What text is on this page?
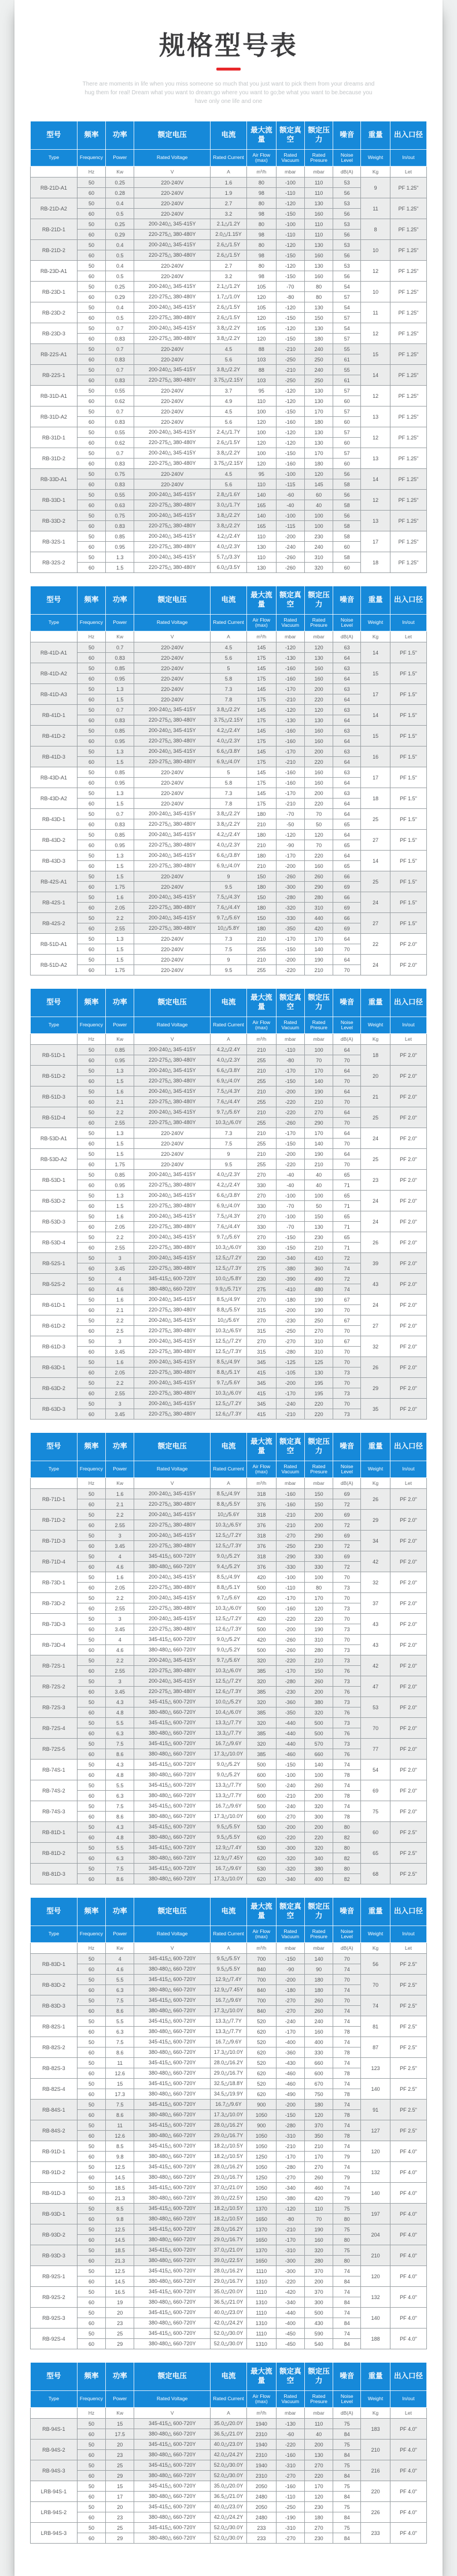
规格型号表

There are moments in life when you miss someone so much that you just want to pick them from your dreams and hug them for real! Dream what you want to dream;go where you want to go;be what you want to be.because you have only one life and one

型号	频率	功率	额定电压	电流	最大流量	额定真空	额定压力	噪音	重量	出入口径
Type	Frequency	Power	Rated Voltage	Rated Current	Air Flow (max)	Rated Vacuum	Rated Presure	Noise Level	Weight	In/out
	Hz	Kw	V	A	m³/h	mbar	mbar	dB(A)	Kg	Let
RB-21D-A1	50	0.25	220-240V	1.6	80	-100	110	53	9	PF 1.25"
	60	0.28	220-240V	1.9	98	-110	110	56		
RB-21D-A2	50	0.4	220-240V	2.7	80	-120	130	53	11	PF 1.25"
	60	0.5	220-240V	3.2	98	-150	160	56		
RB-21D-1	50	0.25	200-240△ 345-415Y	2.1△/1.2Y	80	-100	110	53	8	PF 1.25"
	60	0.29	220-275△ 380-480Y	2.0△/1.15Y	98	-110	110	56		
RB-21D-2	50	0.4	200-240△ 345-415Y	2.6△/1.5Y	80	-120	130	53	10	PF 1.25"
	60	0.5	220-275△ 380-480Y	2.6△/1.5Y	98	-150	160	56		
RB-23D-A1	50	0.4	220-240V	2.7	80	-120	130	53	12	PF 1.25"
	60	0.5	220-240V	3.2	98	-150	160	56		
RB-23D-1	50	0.25	200-240△ 345-415Y	2.1△/1.2Y	105	-70	80	54	10	PF 1.25"
	60	0.29	220-275△ 380-480Y	1.7△/1.0Y	120	-80	80	57		
RB-23D-2	50	0.4	200-240△ 345-415Y	2.6△/1.5Y	105	-120	130	54	11	PF 1.25"
	60	0.5	220-275△ 380-480Y	2.6△/1.5Y	120	-150	150	57		
RB-23D-3	50	0.7	200-240△ 345-415Y	3.8△/2.2Y	105	-120	130	54	12	PF 1.25"
	60	0.83	220-275△ 380-480Y	3.8△/2.2Y	120	-150	180	57		
RB-22S-A1	50	0.7	220-240V	4.5	88	-210	240	55	15	PF 1.25"
	60	0.83	220-240V	5.6	103	-250	250	61		
RB-22S-1	50	0.7	200-240△ 345-415Y	3.8△/2.2Y	88	-210	240	55	14	PF 1.25"
	60	0.83	220-275△ 380-480Y	3.75△/2.15Y	103	-250	250	61		
RB-31D-A1	50	0.55	220-240V	3.7	95	-120	130	57	12	PF 1.25"
	60	0.62	220-240V	4.9	110	-120	130	60		
RB-31D-A2	50	0.7	220-240V	4.5	100	-150	170	57	13	PF 1.25"
	60	0.83	220-240V	5.6	120	-160	180	60		
RB-31D-1	50	0.55	200-240△ 345-415Y	2.4△/1.7Y	100	-120	130	57	12	PF 1.25"
	60	0.62	220-275△ 380-480Y	2.6△/1.5Y	120	-120	130	60		
RB-31D-2	50	0.7	200-240△ 345-415Y	3.8△/2.2Y	100	-150	170	57	13	PF 1.25"
	60	0.83	220-275△ 380-480Y	3.75△/2.15Y	120	-160	180	60		
RB-33D-A1	50	0.75	220-240V	4.5	95	-100	120	56	14	PF 1.25"
	60	0.83	220-240V	5.6	110	-115	145	58		
RB-33D-1	50	0.55	200-240△ 345-415Y	2.8△/1.6Y	140	-60	60	56	12	PF 1.25"
	60	0.63	220-275△ 380-480Y	3.0△/1.7Y	165	-40	40	58		
RB-33D-2	50	0.75	200-240△ 345-415Y	3.8△/2.2Y	140	-100	100	56	13	PF 1.25"
	60	0.83	220-275△ 380-480Y	3.8△/2.2Y	165	-115	100	58		
RB-32S-1	50	0.85	200-240△ 345-415Y	4.2△/2.4Y	110	-200	230	58	17	PF 1.25"
	60	0.95	220-275△ 380-480Y	4.0△/2.3Y	130	-240	240	60		
RB-32S-2	50	1.3	200-240△ 345-415Y	5.7△/3.3Y	110	-260	310	58	18	PF 1.25"
	60	1.5	220-275△ 380-480Y	6.0△/3.5Y	130	-260	320	60		
型号	频率	功率	额定电压	电流	最大流量	额定真空	额定压力	噪音	重量	出入口径
Type	Frequency	Power	Rated Voltage	Rated Current	Air Flow (max)	Rated Vacuum	Rated Presure	Noise Level	Weight	In/out
	Hz	Kw	V	A	m³/h	mbar	mbar	dB(A)	Kg	Let
RB-41D-A1	50	0.7	220-240V	4.5	145	-120	120	63	14	PF 1.5"
	60	0.83	220-240V	5.6	175	-130	130	64		
RB-41D-A2	50	0.85	220-240V	5	145	-160	160	63	15	PF 1.5"
	60	0.95	220-240V	5.8	175	-160	160	64		
RB-41D-A3	50	1.3	220-240V	7.3	145	-170	200	63	17	PF 1.5"
	60	1.5	220-240V	7.8	175	-210	220	64		
RB-41D-1	50	0.7	200-240△ 345-415Y	3.8△/2.2Y	145	-120	120	63	14	PF 1.5"
	60	0.83	220-275△ 380-480Y	3.75△/2.15Y	175	-130	130	64		
RB-41D-2	50	0.85	200-240△ 345-415Y	4.2△/2.4Y	145	-160	160	63	15	PF 1.5"
	60	0.95	220-275△ 380-480Y	4.0△/2.3Y	175	-160	160	64		
RB-41D-3	50	1.3	200-240△ 345-415Y	6.6△/3.8Y	145	-170	200	63	16	PF 1.5"
	60	1.5	220-275△ 380-480Y	6.9△/4.0Y	175	-210	220	64		
RB-43D-A1	50	0.85	220-240V	5	145	-160	160	63	17	PF 1.5"
	60	0.95	220-240V	5.8	175	-160	160	64		
RB-43D-A2	50	1.3	220-240V	7.3	145	-170	200	63	18	PF 1.5"
	60	1.5	220-240V	7.8	175	-210	220	64		
RB-43D-1	50	0.7	200-240△ 345-415Y	3.8△/2.2Y	180	-70	70	64	25	PF 1.5"
	60	0.83	220-275△ 380-480Y	3.8△/2.2Y	210	-50	50	65		
RB-43D-2	50	0.85	200-240△ 345-415Y	4.2△/2.4Y	180	-120	120	64	27	PF 1.5"
	60	0.95	220-275△ 380-480Y	4.0△/2.3Y	210	-90	70	65		
RB-43D-3	50	1.3	200-240△ 345-415Y	6.6△/3.8Y	180	-170	220	64	14	PF 1.5"
	60	1.5	220-275△ 380-480Y	6.9△/4.0Y	210	-200	160	65		
RB-42S-A1	50	1.5	220-240V	9	150	-260	260	66	25	PF 1.5"
	60	1.75	220-240V	9.5	180	-300	290	69		
RB-42S-1	50	1.6	200-240△ 345-415Y	7.5△/4.3Y	150	-280	280	66	24	PF 1.5"
	60	2.05	220-275△ 380-480Y	7.6△/4.4Y	180	-320	310	69		
RB-42S-2	50	2.2	200-240△ 345-415Y	9.7△/5.6Y	150	-330	440	66	27	PF 1.5"
	60	2.55	220-275△ 380-480Y	10△/5.8Y	180	-350	420	69		
RB-51D-A1	50	1.3	220-240V	7.3	210	-170	170	64	22	PF 2.0"
	60	1.5	220-240V	7.5	255	-150	140	70		
RB-51D-A2	50	1.5	220-240V	9	210	-200	190	64	24	PF 2.0"
	60	1.75	220-240V	9.5	255	-220	210	70		
型号	频率	功率	额定电压	电流	最大流量	额定真空	额定压力	噪音	重量	出入口径
Type	Frequency	Power	Rated Voltage	Rated Current	Air Flow (max)	Rated Vacuum	Rated Presure	Noise Level	Weight	In/out
	Hz	Kw	V	A	m³/h	mbar	mbar	dB(A)	Kg	Let
RB-51D-1	50	0.85	200-240△ 345-415Y	4.2△/2.4Y	210	-110	100	64	18	PF 2.0"
	60	0.95	220-275△ 380-480Y	4.0△/2.3Y	255	-80	70	70		
RB-51D-2	50	1.3	200-240△ 345-415Y	6.6△/3.8Y	210	-170	170	64	20	PF 2.0"
	60	1.5	220-275△ 380-480Y	6.9△/4.0Y	255	-150	140	70		
RB-51D-3	50	1.6	200-240△ 345-415Y	7.5△/4.3Y	210	-200	190	64	21	PF 2.0"
	60	2.1	220-275△ 380-480Y	7.6△/4.4Y	255	-220	210	70		
RB-51D-4	50	2.2	200-240△ 345-415Y	9.7△/5.6Y	210	-220	270	64	25	PF 2.0"
	60	2.55	220-275△ 380-480Y	10.3△/6.0Y	255	-260	290	70		
RB-53D-A1	50	1.3	220-240V	7.3	210	-170	170	64	24	PF 2.0"
	60	1.5	220-240V	7.5	255	-150	140	70		
RB-53D-A2	50	1.5	220-240V	9	210	-200	190	64	25	PF 2.0"
	60	1.75	220-240V	9.5	255	-220	210	70		
RB-53D-1	50	0.85	200-240△ 345-415Y	4.0△/2.3Y	270	-40	40	65	23	PF 2.0"
	60	0.95	220-275△ 380-480Y	4.2△/2.4Y	330	-40	40	71		
RB-53D-2	50	1.3	200-240△ 345-415Y	6.6△/3.8Y	270	-100	100	65	24	PF 2.0"
	60	1.5	220-275△ 380-480Y	6.9△/4.0Y	330	-70	50	71		
RB-53D-3	50	1.6	200-240△ 345-415Y	7.5△/4.3Y	270	-100	150	65	24	PF 2.0"
	60	2.05	220-275△ 380-480Y	7.6△/4.4Y	330	-70	130	71		
RB-53D-4	50	2.2	200-240△ 345-415Y	9.7△/5.6Y	270	-150	230	65	26	PF 2.0"
	60	2.55	220-275△ 380-480Y	10.3△/6.0Y	330	-150	210	71		
RB-52S-1	50	3	200-240△ 345-415Y	12.5△/7.2Y	230	-340	410	72	39	PF 2.0"
	60	3.45	220-275△ 380-480Y	12.5△/7.3Y	275	-380	360	74		
RB-52S-2	50	4	345-415△ 600-720Y	10.0△/5.8Y	230	-390	490	72	43	PF 2.0"
	60	4.6	380-480△ 660-720Y	9.9△/5.71Y	275	-410	480	74		
RB-61D-1	50	1.6	200-240△ 345-415Y	8.5△/4.9Y	270	-180	190	67	24	PF 2.0"
	60	2.1	220-275△ 380-480Y	8.8△/5.5Y	315	-200	190	70		
RB-61D-2	50	2.2	200-240△ 345-415Y	10△/5.6Y	270	-230	250	67	27	PF 2.0"
	60	2.5	220-275△ 380-480Y	10.3△/6.5Y	315	-250	270	70		
RB-61D-3	50	3	200-240△ 345-415Y	12.5△/7.2Y	270	-270	310	67	32	PF 2.0"
	60	3.45	220-275△ 380-480Y	12.5△/7.3Y	315	-280	310	70		
RB-63D-1	50	1.6	200-240△ 345-415Y	8.5△/4.9Y	345	-125	125	70	26	PF 2.0"
	60	2.05	220-275△ 380-480Y	8.8△/5.1Y	415	-105	130	73		
RB-63D-2	50	2.2	200-240△ 345-415Y	9.7△/5.6Y	345	-200	195	70	29	PF 2.0"
	60	2.55	220-275△ 380-480Y	10.3△/6.0Y	415	-170	195	73		
RB-63D-3	50	3	200-240△ 345-415Y	12.5△/7.2Y	345	-240	220	70	35	PF 2.0"
	60	3.45	220-275△ 380-480Y	12.6△/7.3Y	415	-210	220	73		
型号	频率	功率	额定电压	电流	最大流量	额定真空	额定压力	噪音	重量	出入口径
Type	Frequency	Power	Rated Voltage	Rated Current	Air Flow (max)	Rated Vacuum	Rated Presure	Noise Level	Weight	In/out
	Hz	Kw	V	A	m³/h	mbar	mbar	dB(A)	Kg	Let
RB-71D-1	50	1.6	200-240△ 345-415Y	8.5△/4.9Y	318	-160	150	69	26	PF 2.0"
	60	2.1	220-275△ 380-480Y	8.8△/5.5Y	376	-160	150	72		
RB-71D-2	50	2.2	200-240△ 345-415Y	10△/5.6Y	318	-210	200	69	29	PF 2.0"
	60	2.55	220-275△ 380-480Y	10.3△/6.5Y	376	-210	200	72		
RB-71D-3	50	3	200-240△ 345-415Y	12.5△/7.2Y	318	-270	290	69	34	PF 2.0"
	60	3.45	220-275△ 380-480Y	12.5△/7.3Y	376	-250	230	72		
RB-71D-4	50	4	345-415△ 600-720Y	9.0△/5.2Y	318	-290	330	69	42	PF 2.0"
	60	4.6	380-480△ 660-720Y	9.4△/5.2Y	376	-330	330	72		
RB-73D-1	50	1.6	200-240△ 345-415Y	8.5△/4.9Y	420	-100	100	70	32	PF 2.0"
	60	2.05	220-275△ 380-480Y	8.8△/5.1Y	500	-110	80	73		
RB-73D-2	50	2.2	200-240△ 345-415Y	9.7△/5.6Y	420	-170	170	70	37	PF 2.0"
	60	2.55	220-275△ 380-480Y	10.3△/6.0Y	500	-160	120	73		
RB-73D-3	50	3	200-240△ 345-415Y	12.5△/7.2Y	420	-220	220	70	43	PF 2.0"
	60	3.45	220-275△ 380-480Y	12.6△/7.3Y	500	-200	190	73		
RB-73D-4	50	4	345-415△ 600-720Y	9.0△/5.2Y	420	-260	310	70	43	PF 2.0"
	60	4.6	380-480△ 660-720Y	9.0△/5.2Y	500	-260	280	73		
RB-72S-1	50	2.2	200-240△ 345-415Y	9.7△/5.6Y	320	-220	210	73	42	PF 2.0"
	60	2.55	220-275△ 380-480Y	10.3△/6.0Y	385	-170	150	76		
RB-72S-2	50	3	200-240△ 345-415Y	12.5△/7.2Y	320	-280	260	73	47	PF 2.0"
	60	3.45	220-275△ 380-480Y	12.6△/7.3Y	385	-230	200	76		
RB-72S-3	50	4.3	345-415△ 600-720Y	10.0△/5.2Y	320	-360	380	73	53	PF 2.0"
	60	4.8	380-480△ 660-720Y	10.4△/6.0Y	385	-350	320	76		
RB-72S-4	50	5.5	345-415△ 600-720Y	13.3△/7.7Y	320	-440	500	73	70	PF 2.0"
	60	6.3	380-480△ 660-720Y	13.3△/7.7Y	385	-440	500	76		
RB-72S-5	50	7.5	345-415△ 600-720Y	16.7△/9.6Y	320	-440	570	73	77	PF 2.0"
	60	8.6	380-480△ 660-720Y	17.3△/10.0Y	385	-460	660	76		
RB-74S-1	50	4.3	345-415△ 600-720Y	9.0△/5.2Y	500	-150	140	74	54	PF 2.0"
	60	4.8	380-480△ 660-720Y	9.0△/5.2Y	600	-100	100	78		
RB-74S-2	50	5.5	345-415△ 600-720Y	13.3△/7.7Y	500	-240	260	74	69	PF 2.0"
	60	6.3	380-480△ 660-720Y	13.3△/7.7Y	600	-210	200	78		
RB-74S-3	50	7.5	345-415△ 600-720Y	16.7△/9.6Y	500	-240	320	74	75	PF 2.0"
	60	8.6	380-480△ 660-720Y	17.3△/10.0Y	600	-270	300	78		
RB-81D-1	50	4.3	345-415△ 600-720Y	9.5△/5.5Y	530	-200	200	80	60	PF 2.5"
	60	4.8	380-480△ 660-720Y	9.5△/5.5Y	620	-220	220	82		
RB-81D-2	50	5.5	345-415△ 600-720Y	12.9△/7.4Y	530	-300	320	80	65	PF 2.5"
	60	6.3	380-480△ 660-720Y	12.9△/7.45Y	620	-320	340	82		
RB-81D-3	50	7.5	345-415△ 600-720Y	16.7△/9.6Y	530	-320	380	80	68	PF 2.5"
	60	8.6	380-480△ 660-720Y	17.3△/10.0Y	620	-340	400	82		
型号	频率	功率	额定电压	电流	最大流量	额定真空	额定压力	噪音	重量	出入口径
Type	Frequency	Power	Rated Voltage	Rated Current	Air Flow (max)	Rated Vacuum	Rated Presure	Noise Level	Weight	In/out
	Hz	Kw	V	A	m³/h	mbar	mbar	dB(A)	Kg	Let
RB-83D-1	50	4	345-415△ 600-720Y	9.5△/5.5Y	700	-150	140	70	56	PF 2.5"
	60	4.6	380-480△ 660-720Y	9.5△/5.5Y	840	-90	90	74		
RB-83D-2	50	5.5	345-415△ 600-720Y	12.9△/7.4Y	700	-200	180	70	70	PF 2.5"
	60	6.3	380-480△ 660-720Y	12.9△/7.45Y	840	-180	180	74		
RB-83D-3	50	7.5	345-415△ 600-720Y	16.7△/9.6Y	700	-270	260	70	74	PF 2.5"
	60	8.6	380-480△ 660-720Y	17.3△/10.0Y	840	-270	260	74		
RB-82S-1	50	5.5	345-415△ 600-720Y	13.3△/7.7Y	520	-240	240	74	81	PF 2.5"
	60	6.3	380-480△ 660-720Y	13.3△/7.7Y	620	-170	160	78		
RB-82S-2	50	7.5	345-415△ 600-720Y	16.7△/9.6Y	520	-400	400	74	87	PF 2.5"
	60	8.6	380-480△ 660-720Y	17.3△/10.0Y	620	-360	330	78		
RB-82S-3	50	11	345-415△ 600-720Y	28.0△/16.2Y	520	-430	660	74	123	PF 2.5"
	60	12.6	380-480△ 660-720Y	29.0△/16.7Y	620	-460	600	78		
RB-82S-4	50	15	345-415△ 600-720Y	32.5△/18.8Y	520	-460	670	74	140	PF 2.5"
	60	17.3	380-480△ 660-720Y	34.5△/19.9Y	620	-490	750	78		
RB-84S-1	50	7.5	345-415△ 600-720Y	16.7△/9.6Y	900	-200	180	74	91	PF 2.5"
	60	8.6	380-480△ 660-720Y	17.3△/10.0Y	1050	-150	120	78		
RB-84S-2	50	11	345-415△ 600-720Y	28.0△/16.2Y	900	-280	370	74	127	PF 2.5"
	60	12.6	380-480△ 660-720Y	29.0△/16.7Y	1050	-310	350	78		
RB-91D-1	50	8.5	345-415△ 600-720Y	18.2△/10.5Y	1050	-210	210	74	120	PF 4.0"
	60	9.8	380-480△ 660-720Y	18.2△/10.5Y	1250	-170	170	79		
RB-91D-2	50	12.5	345-415△ 600-720Y	28.0△/16.2Y	1050	-280	270	74	132	PF 4.0"
	60	14.5	380-480△ 660-720Y	29.0△/16.7Y	1250	-270	260	79		
RB-91D-3	50	18.5	345-415△ 600-720Y	37.0△/21.0Y	1050	-340	460	74	140	PF 4.0"
	60	21.3	380-480△ 660-720Y	39.0△/22.5Y	1250	-380	420	79		
RB-93D-1	50	8.5	345-415△ 600-720Y	18.2△/10.5Y	1370	-120	110	75	197	PF 4.0"
	60	9.8	380-480△ 660-720Y	18.2△/10.5Y	1650	-80	70	80		
RB-93D-2	50	12.5	345-415△ 600-720Y	28.0△/16.2Y	1370	-210	190	75	204	PF 4.0"
	60	14.5	380-480△ 660-720Y	29.0△/16.7Y	1650	-170	160	80		
RB-93D-3	50	18.5	345-415△ 600-720Y	37.0△/21.0Y	1370	-310	320	75	210	PF 4.0"
	60	21.3	380-480△ 660-720Y	39.0△/22.5Y	1650	-300	280	80		
RB-92S-1	50	12.5	345-415△ 600-720Y	28.0△/16.2Y	1110	-300	370	74	120	PF 4.0"
	60	14.5	380-480△ 660-720Y	29.0△/16.7Y	1310	-220	200	84		
RB-92S-2	50	16.5	345-415△ 600-720Y	35.0△/20.0Y	1110	-420	370	74	132	PF 4.0"
	60	19	380-480△ 660-720Y	36.5△/21.0Y	1310	-340	300	84		
RB-92S-3	50	20	345-415△ 600-720Y	40.0△/23.0Y	1110	-440	500	74	140	PF 4.0"
	60	23	380-480△ 660-720Y	42.0△/24.2Y	1310	-400	430	84		
RB-92S-4	50	25	345-415△ 600-720Y	52.0△/30.0Y	1110	-450	590	74	188	PF 4.0"
	60	29	380-480△ 660-720Y	52.0△/30.0Y	1310	-450	540	84		
型号	频率	功率	额定电压	电流	最大流量	额定真空	额定压力	噪音	重量	出入口径
Type	Frequency	Power	Rated Voltage	Rated Current	Air Flow (max)	Rated Vacuum	Rated Presure	Noise Level	Weight	In/out
	Hz	Kw	V	A	m³/h	mbar	mbar	dB(A)	Kg	Let
RB-94S-1	50	15	345-415△ 600-720Y	35.0△/20.0Y	1940	-130	110	75	183	PF 4.0"
	60	17.5	380-480△ 660-720Y	36.5△/21.0Y	2310	-60	40	84		
RB-94S-2	50	20	345-415△ 600-720Y	40.0△/23.0Y	1940	-220	200	75	210	PF 4.0"
	60	23	380-480△ 660-720Y	42.0△/24.2Y	2310	-160	130	84		
RB-94S-3	50	25	345-415△ 600-720Y	52.0△/30.0Y	1940	-310	270	75	216	PF 4.0"
	60	29	380-480△ 660-720Y	52.0△/30.0Y	2310	-270	220	84		
LRB-94S-1	50	15	345-415△ 600-720Y	35.0△/20.0Y	2050	-160	170	75	220	PF 4.0"
	60	17	380-480△ 660-720Y	36.5△/21.0Y	2480	-110	120	84		
LRB-94S-2	50	20	345-415△ 600-720Y	40.0△/23.0Y	2050	-250	230	75	226	PF 4.0"
	60	23	380-480△ 660-720Y	42.0△/24.2Y	2480	-190	180	84		
LRB-94S-3	50	25	345-415△ 600-720Y	52.0△/30.0Y	233	-310	270	75	233	PF 4.0"
	60	29	380-480△ 660-720Y	52.0△/30.0Y	233	-270	230	84		
